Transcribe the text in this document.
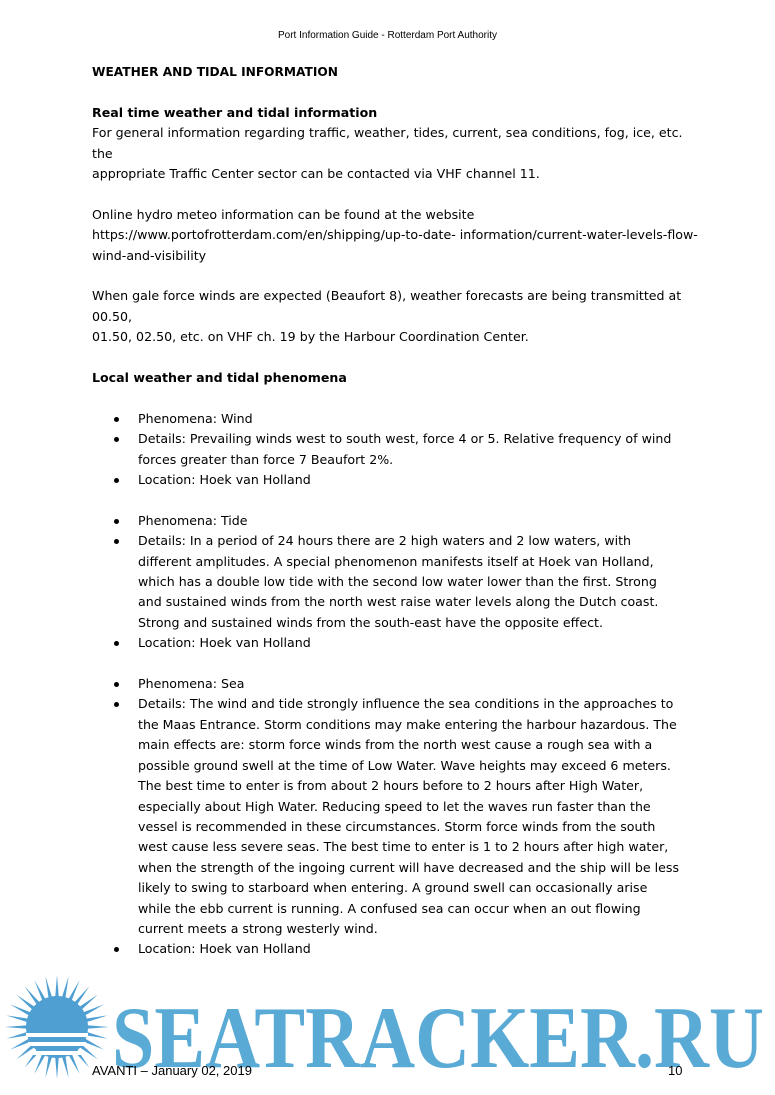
Port Information Guide - Rotterdam Port Authority

WEATHER AND TIDAL INFORMATION

Real time weather and tidal information

For general information regarding traffic, weather, tides, current, sea conditions, fog, ice, etc. the

appropriate Traffic Center sector can be contacted via VHF channel 11.

Online hydro meteo information can be found at the website

https://www.portofrotterdam.com/en/shipping/up-to-date- information/current-water-levels-flow-

wind-and-visibility

When gale force winds are expected (Beaufort 8), weather forecasts are being transmitted at 00.50,

01.50, 02.50, etc. on VHF ch. 19 by the Harbour Coordination Center.

Local weather and tidal phenomena

Phenomena: Wind
Details: Prevailing winds west to south west, force 4 or 5. Relative frequency of wind forces greater than force 7 Beaufort 2%.
Location: Hoek van Holland
Phenomena: Tide
Details: In a period of 24 hours there are 2 high waters and 2 low waters, with different amplitudes. A special phenomenon manifests itself at Hoek van Holland, which has a double low tide with the second low water lower than the first. Strong and sustained winds from the north west raise water levels along the Dutch coast. Strong and sustained winds from the south-east have the opposite effect.
Location: Hoek van Holland
Phenomena: Sea
Details: The wind and tide strongly influence the sea conditions in the approaches to the Maas Entrance. Storm conditions may make entering the harbour hazardous. The main effects are: storm force winds from the north west cause a rough sea with a possible ground swell at the time of Low Water. Wave heights may exceed 6 meters. The best time to enter is from about 2 hours before to 2 hours after High Water, especially about High Water. Reducing speed to let the waves run faster than the vessel is recommended in these circumstances. Storm force winds from the south west cause less severe seas. The best time to enter is 1 to 2 hours after high water, when the strength of the ingoing current will have decreased and the ship will be less likely to swing to starboard when entering. A ground swell can occasionally arise while the ebb current is running. A confused sea can occur when an out flowing current meets a strong westerly wind.
Location: Hoek van Holland
SEATRACKER.RU
AVANTI – January 02, 2019	10
